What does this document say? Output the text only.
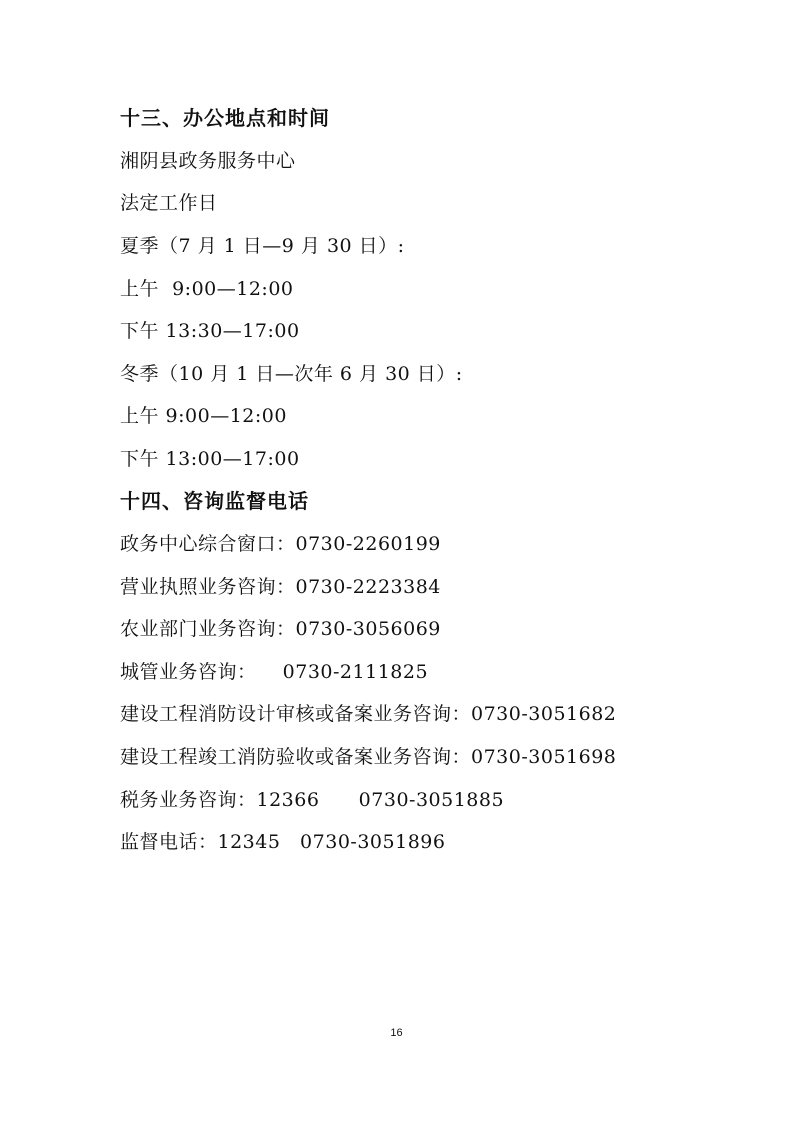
十三、办公地点和时间
湘阴县政务服务中心
法定工作日
夏季（7 月 1 日—9 月 30 日）:
上午  9:00—12:00
下午 13:30—17:00
冬季（10 月 1 日—次年 6 月 30 日）:
上午 9:00—12:00
下午 13:00—17:00
十四、咨询监督电话
政务中心综合窗口：0730-2260199
营业执照业务咨询：0730-2223384
农业部门业务咨询：0730-3056069
城管业务咨询：    0730-2111825
建设工程消防设计审核或备案业务咨询：0730-3051682
建设工程竣工消防验收或备案业务咨询：0730-3051698
税务业务咨询：12366      0730-3051885
监督电话：12345   0730-3051896
16
